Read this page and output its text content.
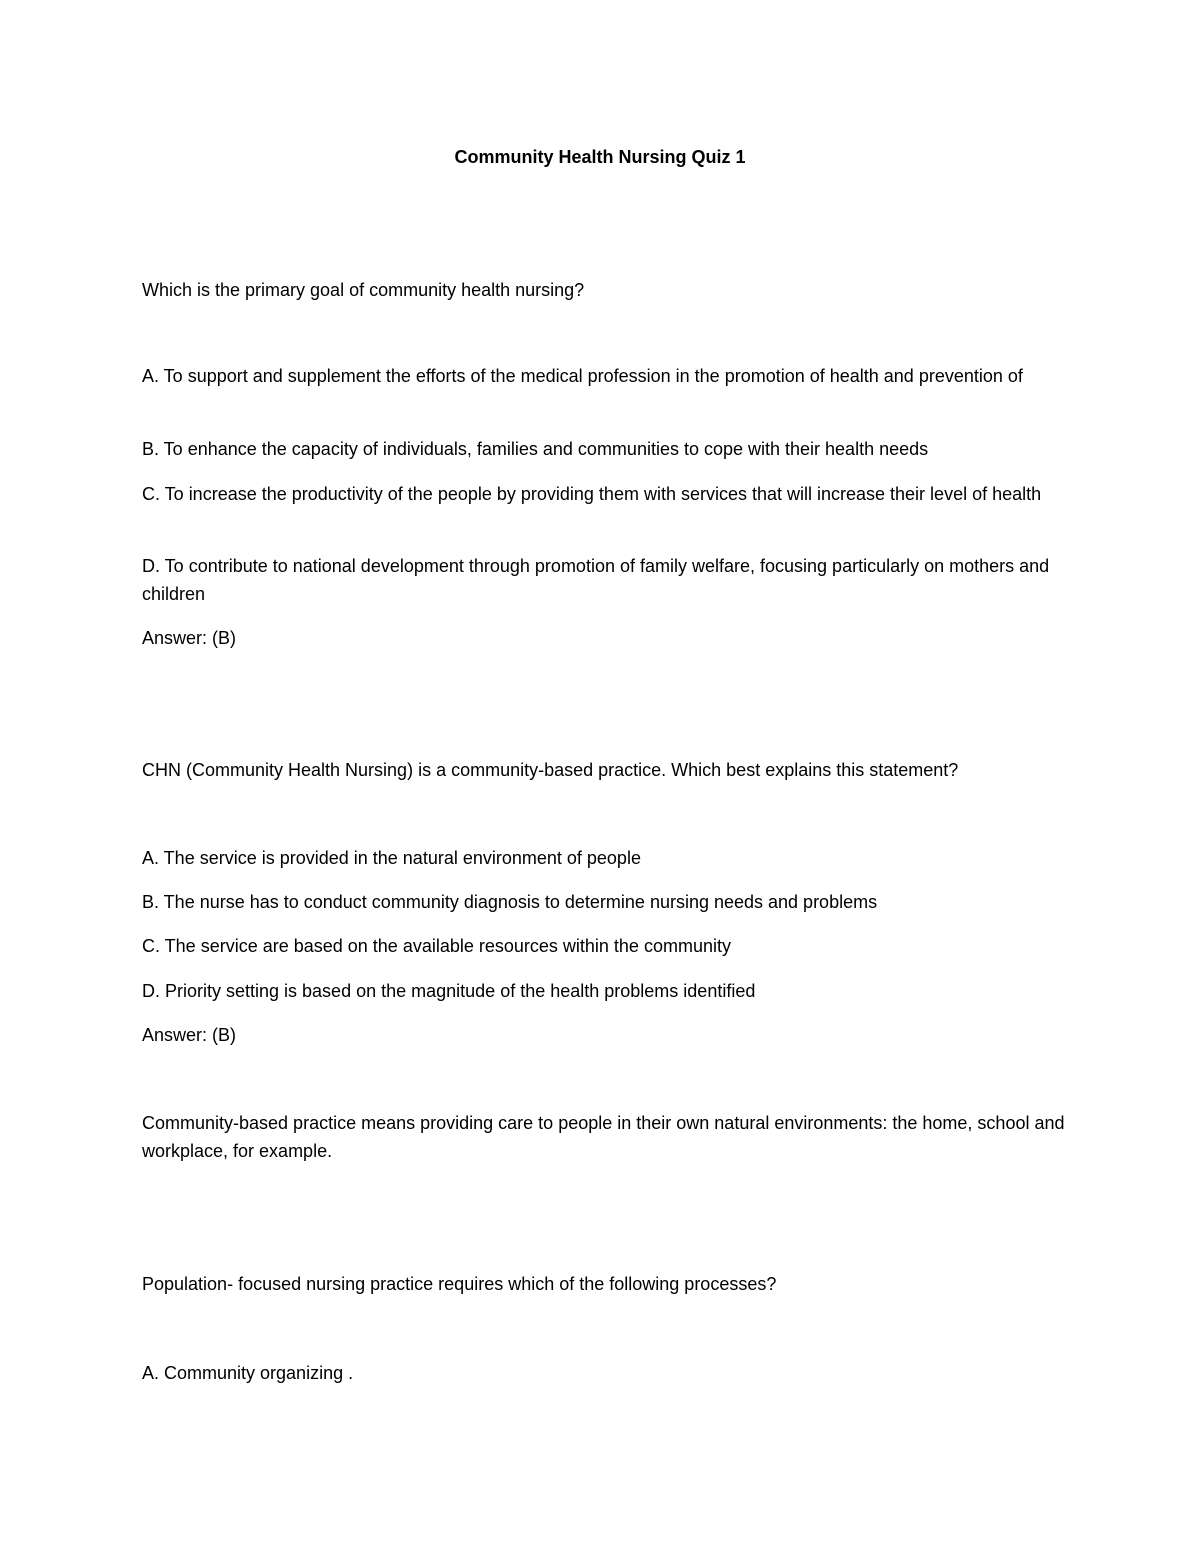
Community Health Nursing Quiz 1
Which is the primary goal of community health nursing?
A. To support and supplement the efforts of the medical profession in the promotion of health and prevention of
B. To enhance the capacity of individuals, families and communities to cope with their health needs
C. To increase the productivity of the people by providing them with services that will increase their level of health
D. To contribute to national development through promotion of family welfare, focusing particularly on mothers and children
Answer: (B)
CHN (Community Health Nursing) is a community-based practice. Which best explains this statement?
A. The service is provided in the natural environment of people
B. The nurse has to conduct community diagnosis to determine nursing needs and problems
C. The service are based on the available resources within the community
D. Priority setting is based on the magnitude of the health problems identified
Answer: (B)
Community-based practice means providing care to people in their own natural environments: the home, school and workplace, for example.
Population- focused nursing practice requires which of the following processes?
A. Community organizing .
